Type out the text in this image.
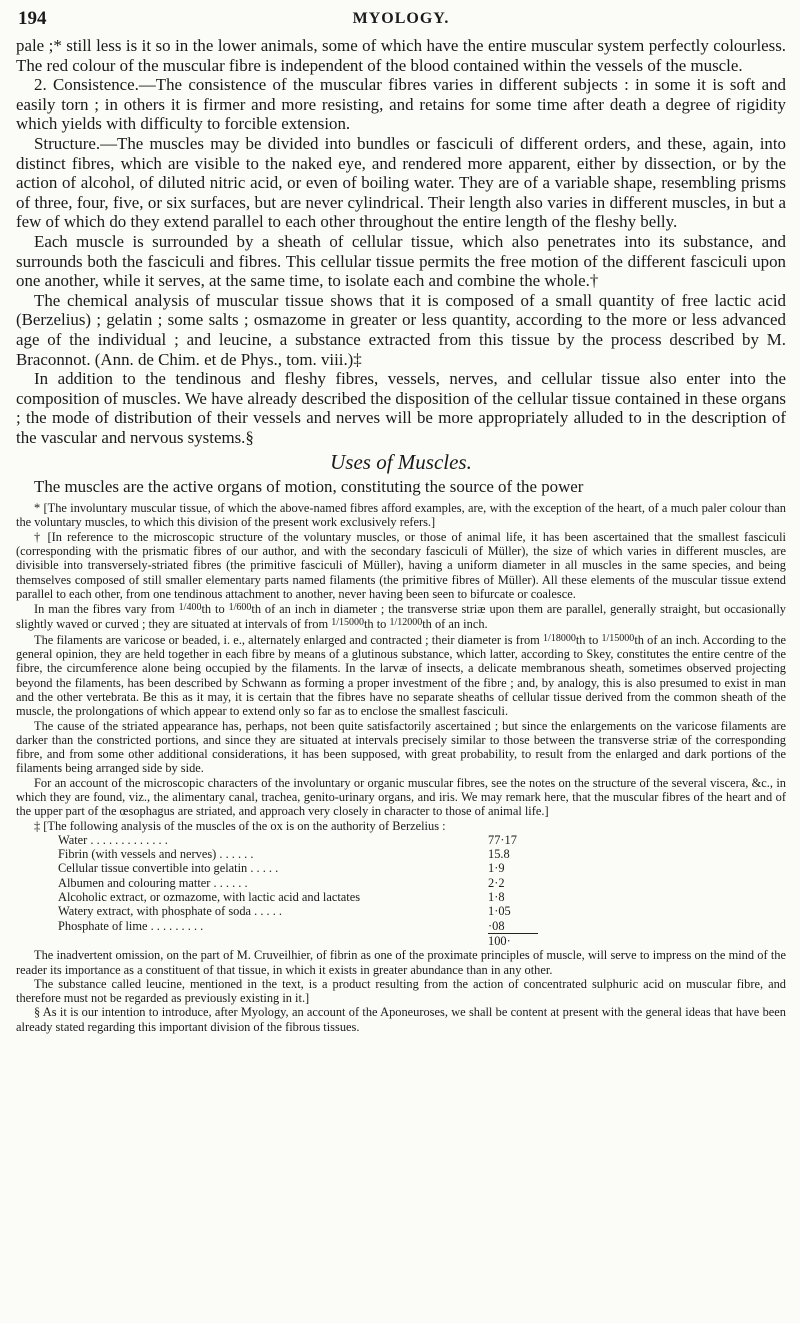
194	MYOLOGY.

pale ;* still less is it so in the lower animals, some of which have the entire muscular system perfectly colourless. The red colour of the muscular fibre is independent of the blood contained within the vessels of the muscle.

2. Consistence.—The consistence of the muscular fibres varies in different subjects : in some it is soft and easily torn ; in others it is firmer and more resisting, and retains for some time after death a degree of rigidity which yields with difficulty to forcible extension.

Structure.—The muscles may be divided into bundles or fasciculi of different orders, and these, again, into distinct fibres, which are visible to the naked eye, and rendered more apparent, either by dissection, or by the action of alcohol, of diluted nitric acid, or even of boiling water. They are of a variable shape, resembling prisms of three, four, five, or six surfaces, but are never cylindrical. Their length also varies in different muscles, in but a few of which do they extend parallel to each other throughout the entire length of the fleshy belly.

Each muscle is surrounded by a sheath of cellular tissue, which also penetrates into its substance, and surrounds both the fasciculi and fibres. This cellular tissue permits the free motion of the different fasciculi upon one another, while it serves, at the same time, to isolate each and combine the whole.†

The chemical analysis of muscular tissue shows that it is composed of a small quantity of free lactic acid (Berzelius) ; gelatin ; some salts ; osmazome in greater or less quantity, according to the more or less advanced age of the individual ; and leucine, a substance extracted from this tissue by the process described by M. Braconnot. (Ann. de Chim. et de Phys., tom. viii.)‡

In addition to the tendinous and fleshy fibres, vessels, nerves, and cellular tissue also enter into the composition of muscles. We have already described the disposition of the cellular tissue contained in these organs ; the mode of distribution of their vessels and nerves will be more appropriately alluded to in the description of the vascular and nervous systems.§

Uses of Muscles.

The muscles are the active organs of motion, constituting the source of the power

* [The involuntary muscular tissue, of which the above-named fibres afford examples, are, with the exception of the heart, of a much paler colour than the voluntary muscles, to which this division of the present work exclusively refers.]

† [In reference to the microscopic structure of the voluntary muscles, or those of animal life, it has been ascertained that the smallest fasciculi (corresponding with the prismatic fibres of our author, and with the secondary fasciculi of Müller), the size of which varies in different muscles, are divisible into transversely-striated fibres (the primitive fasciculi of Müller), having a uniform diameter in all muscles in the same species, and being themselves composed of still smaller elementary parts named filaments (the primitive fibres of Müller). All these elements of the muscular tissue extend parallel to each other, from one tendinous attachment to another, never having been seen to bifurcate or coalesce.

In man the fibres vary from $^{1/400}$th to $^{1/600}$th of an inch in diameter ; the transverse striæ upon them are parallel, generally straight, but occasionally slightly waved or curved ; they are situated at intervals of from $^{1/15000}$th to $^{1/12000}$th of an inch.

The filaments are varicose or beaded, i. e., alternately enlarged and contracted ; their diameter is from $^{1/18000}$th to $^{1/15000}$th of an inch. According to the general opinion, they are held together in each fibre by means of a glutinous substance, which latter, according to Skey, constitutes the entire centre of the fibre, the circumference alone being occupied by the filaments. In the larvæ of insects, a delicate membranous sheath, sometimes observed projecting beyond the filaments, has been described by Schwann as forming a proper investment of the fibre ; and, by analogy, this is also presumed to exist in man and the other vertebrata. Be this as it may, it is certain that the fibres have no separate sheaths of cellular tissue derived from the common sheath of the muscle, the prolongations of which appear to extend only so far as to enclose the smallest fasciculi.

The cause of the striated appearance has, perhaps, not been quite satisfactorily ascertained ; but since the enlargements on the varicose filaments are darker than the constricted portions, and since they are situated at intervals precisely similar to those between the transverse striæ of the corresponding fibre, and from some other additional considerations, it has been supposed, with great probability, to result from the enlarged and dark portions of the filaments being arranged side by side.

For an account of the microscopic characters of the involuntary or organic muscular fibres, see the notes on the structure of the several viscera, &c., in which they are found, viz., the alimentary canal, trachea, genito-urinary organs, and iris. We may remark here, that the muscular fibres of the heart and of the upper part of the œsophagus are striated, and approach very closely in character to those of animal life.]

‡ [The following analysis of the muscles of the ox is on the authority of Berzelius :

Water . . . . . . . . . . . . .	77·17
Fibrin (with vessels and nerves) . . . . . .	15.8
Cellular tissue convertible into gelatin . . . . .	1·9
Albumen and colouring matter . . . . . .	2·2
Alcoholic extract, or ozmazome, with lactic acid and lactates	1·8
Watery extract, with phosphate of soda . . . . .	1·05
Phosphate of lime . . . . . . . . .	·08
	100·

The inadvertent omission, on the part of M. Cruveilhier, of fibrin as one of the proximate principles of muscle, will serve to impress on the mind of the reader its importance as a constituent of that tissue, in which it exists in greater abundance than in any other.

The substance called leucine, mentioned in the text, is a product resulting from the action of concentrated sulphuric acid on muscular fibre, and therefore must not be regarded as previously existing in it.]

§ As it is our intention to introduce, after Myology, an account of the Aponeuroses, we shall be content at present with the general ideas that have been already stated regarding this important division of the fibrous tissues.
